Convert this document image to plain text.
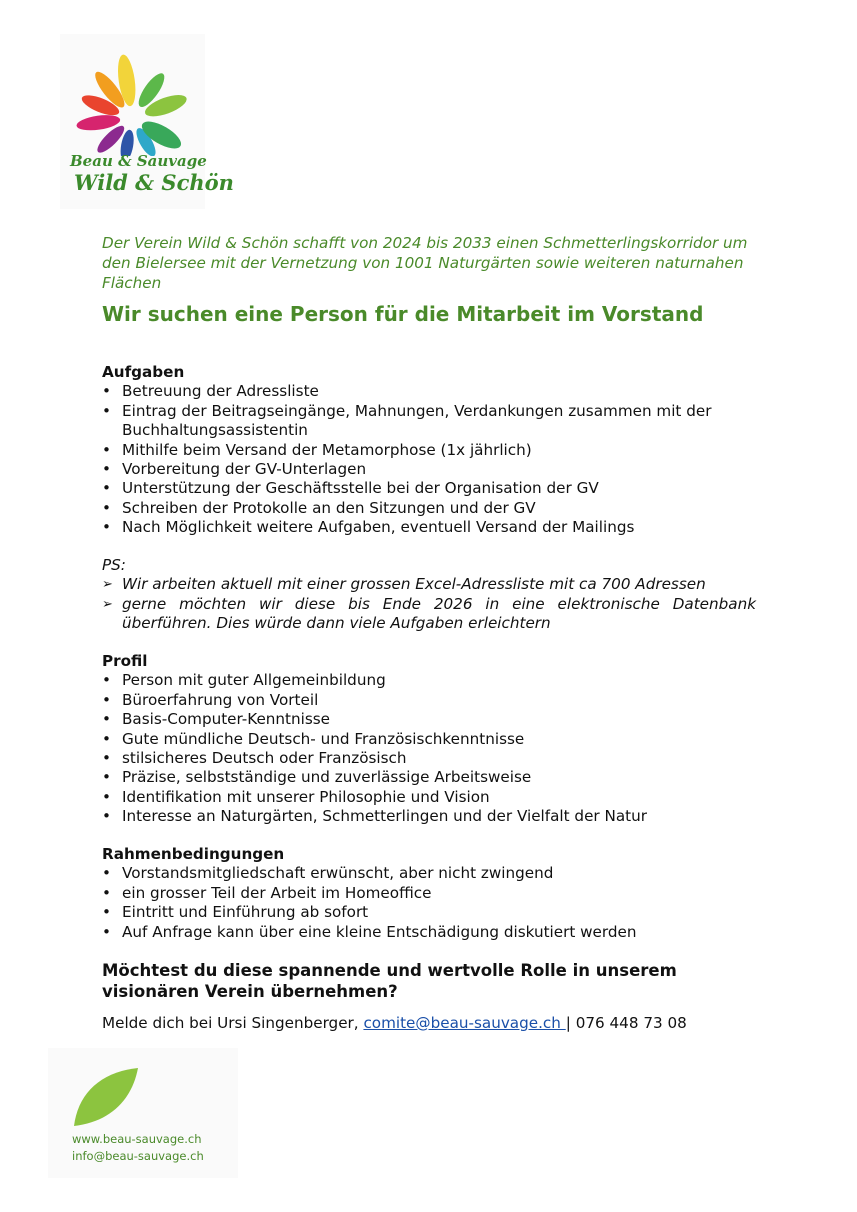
Beau & Sauvage
Wild & Schön
Der Verein Wild & Schön schafft von 2024 bis 2033 einen Schmetterlingskorridor um den Bielersee mit der Vernetzung von 1001 Naturgärten sowie weiteren naturnahen Flächen
Wir suchen eine Person für die Mitarbeit im Vorstand
Aufgaben
• Betreuung der Adressliste
• Eintrag der Beitragseingänge, Mahnungen, Verdankungen zusammen mit der Buchhaltungsassistentin
• Mithilfe beim Versand der Metamorphose (1x jährlich)
• Vorbereitung der GV-Unterlagen
• Unterstützung der Geschäftsstelle bei der Organisation der GV
• Schreiben der Protokolle an den Sitzungen und der GV
• Nach Möglichkeit weitere Aufgaben, eventuell Versand der Mailings
PS:
➢ Wir arbeiten aktuell mit einer grossen Excel-Adressliste mit ca 700 Adressen
➢ gerne möchten wir diese bis Ende 2026 in eine elektronische Datenbank überführen. Dies würde dann viele Aufgaben erleichtern
Profil
• Person mit guter Allgemeinbildung
• Büroerfahrung von Vorteil
• Basis-Computer-Kenntnisse
• Gute mündliche Deutsch- und Französischkenntnisse
• stilsicheres Deutsch oder Französisch
• Präzise, selbstständige und zuverlässige Arbeitsweise
• Identifikation mit unserer Philosophie und Vision
• Interesse an Naturgärten, Schmetterlingen und der Vielfalt der Natur
Rahmenbedingungen
• Vorstandsmitgliedschaft erwünscht, aber nicht zwingend
• ein grosser Teil der Arbeit im Homeoffice
• Eintritt und Einführung ab sofort
• Auf Anfrage kann über eine kleine Entschädigung diskutiert werden
Möchtest du diese spannende und wertvolle Rolle in unserem visionären Verein übernehmen?
Melde dich bei Ursi Singenberger, comite@beau-sauvage.ch | 076 448 73 08
www.beau-sauvage.ch
info@beau-sauvage.ch
